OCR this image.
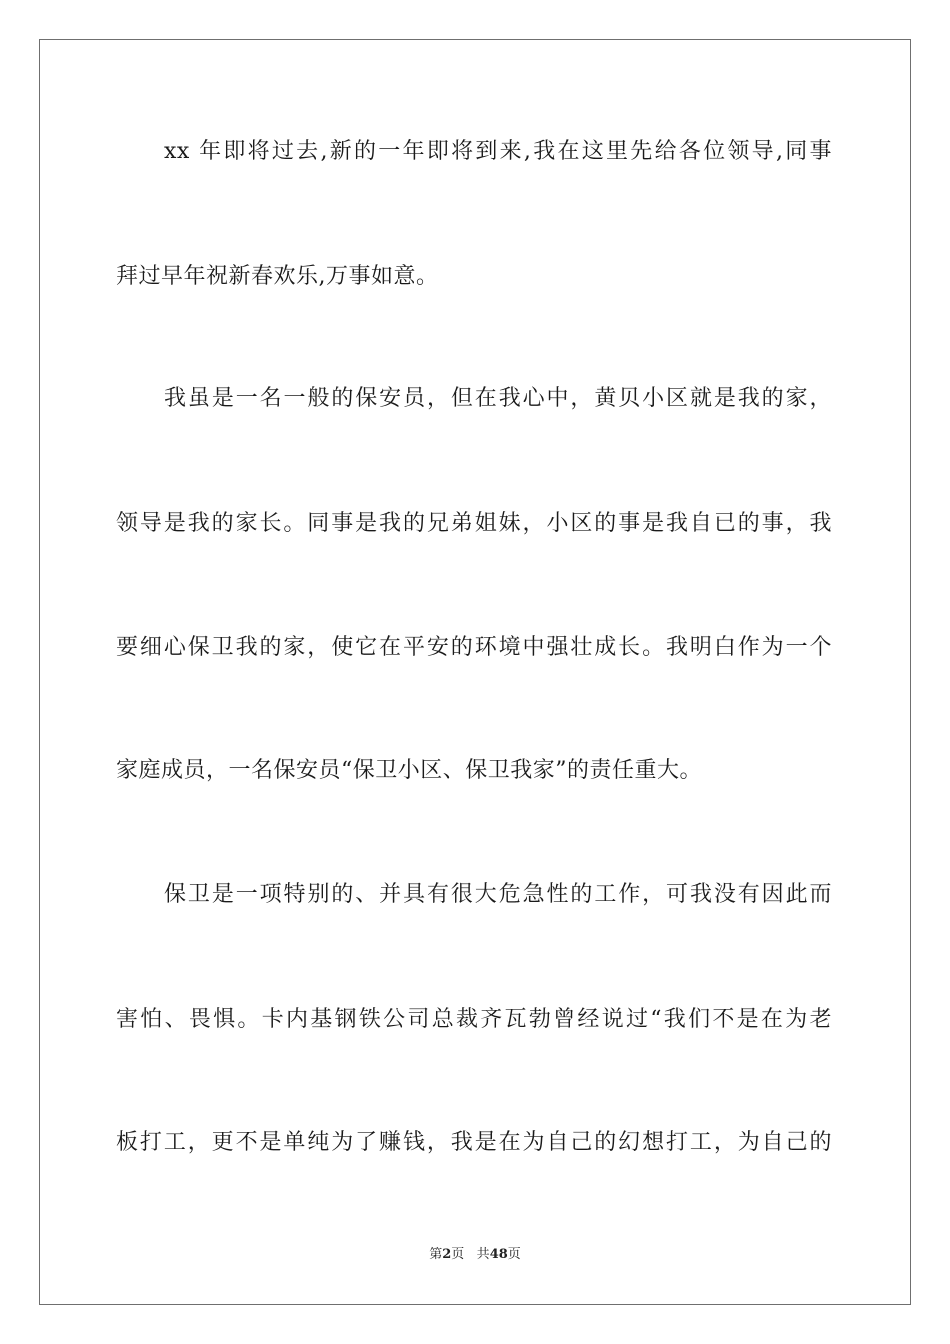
xx 年即将过去,新的一年即将到来,我在这里先给各位领导,同事
拜过早年祝新春欢乐,万事如意。
我虽是一名一般的保安员，但在我心中，黄贝小区就是我的家，
领导是我的家长。同事是我的兄弟姐妹，小区的事是我自已的事，我
要细心保卫我的家，使它在平安的环境中强壮成长。我明白作为一个
家庭成员，一名保安员“保卫小区、保卫我家”的责任重大。
保卫是一项特别的、并具有很大危急性的工作，可我没有因此而
害怕、畏惧。卡内基钢铁公司总裁齐瓦勃曾经说过“我们不是在为老
板打工，更不是单纯为了赚钱，我是在为自己的幻想打工，为自己的
第2页 共48页
